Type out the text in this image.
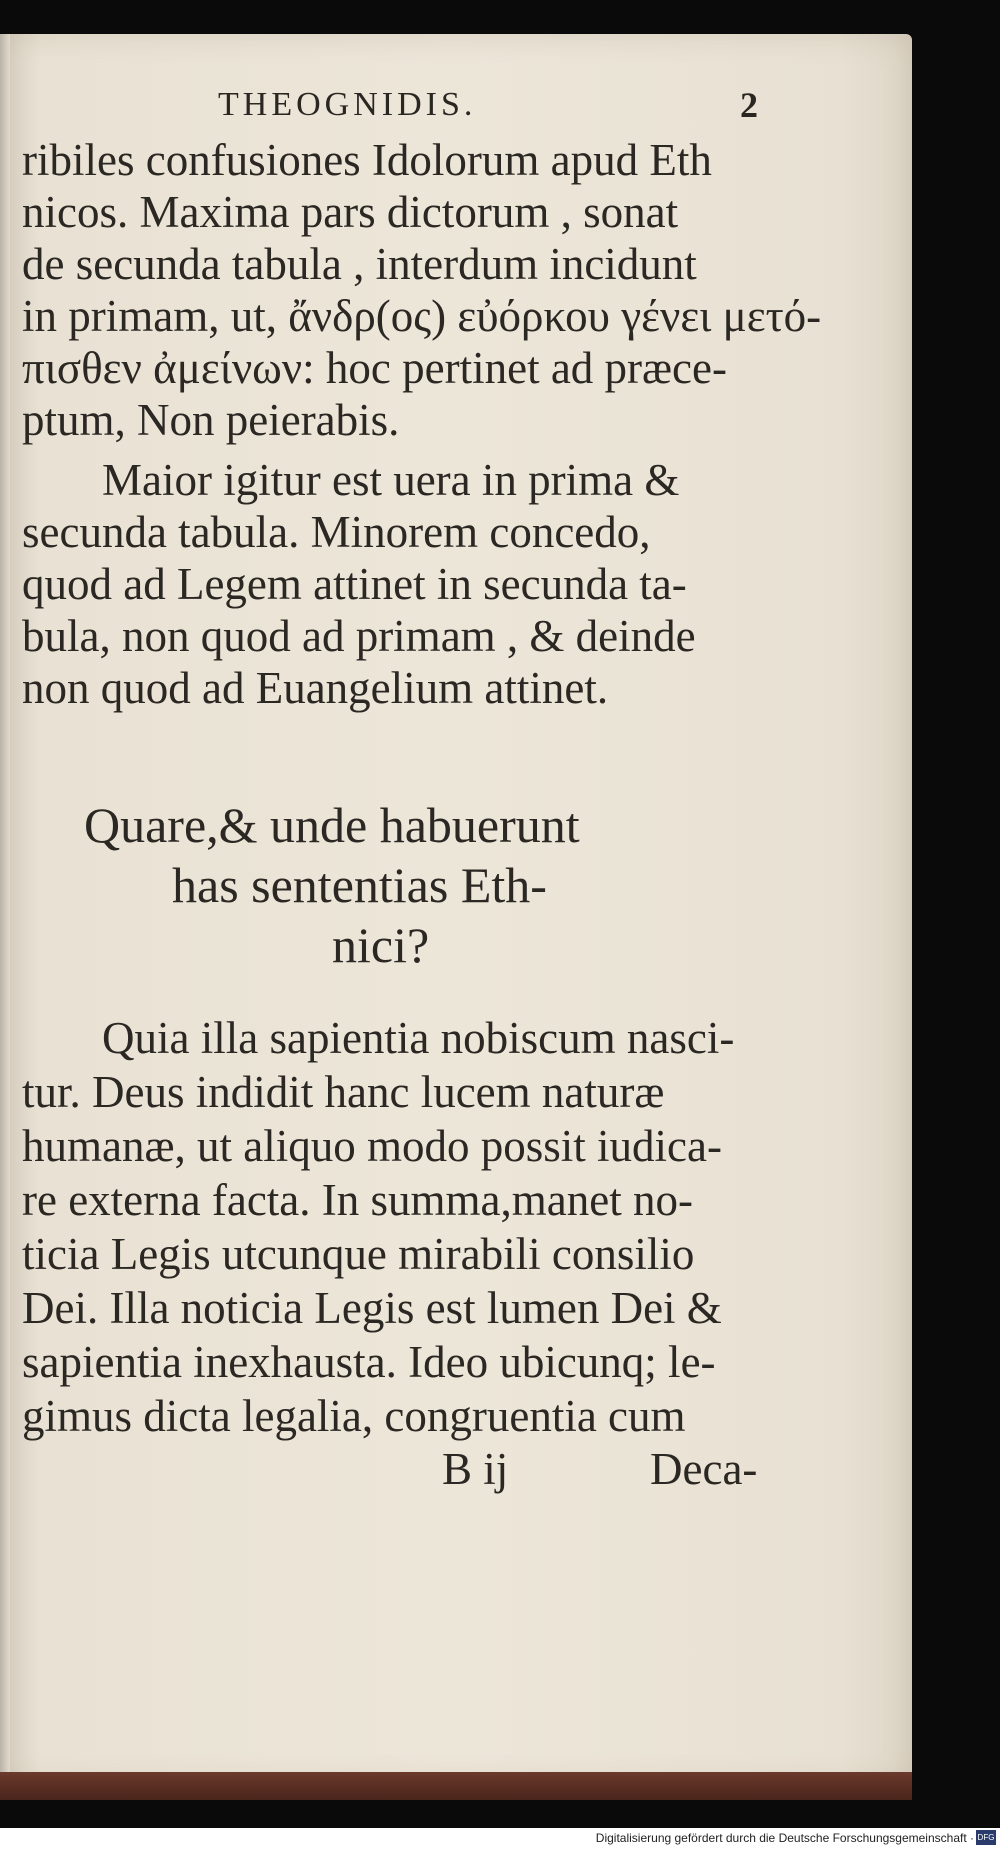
THEOGNIDIS.	2
ribiles confusiones Idolorum apud Eth
nicos. Maxima pars dictorum , sonat
de secunda tabula , interdum incidunt
in primam, ut, ἄνδρ(ος) εὐόρκου γένει μετό-
πισθεν ἀμείνων: hoc pertinet ad præce-
ptum, Non peierabis.
Maior igitur est uera in prima &
secunda tabula. Minorem concedo,
quod ad Legem attinet in secunda ta-
bula, non quod ad primam , & deinde
non quod ad Euangelium attinet.
Quare,& unde habuerunt
has sententias Eth-
nici?
Quia illa sapientia nobiscum nasci-
tur. Deus indidit hanc lucem naturæ
humanæ, ut aliquo modo possit iudica-
re externa facta. In summa,manet no-
ticia Legis utcunque mirabili consilio
Dei. Illa noticia Legis est lumen Dei &
sapientia inexhausta. Ideo ubicunq; le-
gimus dicta legalia, congruentia cum
B ij	Deca-
Digitalisierung gefördert durch die Deutsche Forschungsgemeinschaft · DFG
